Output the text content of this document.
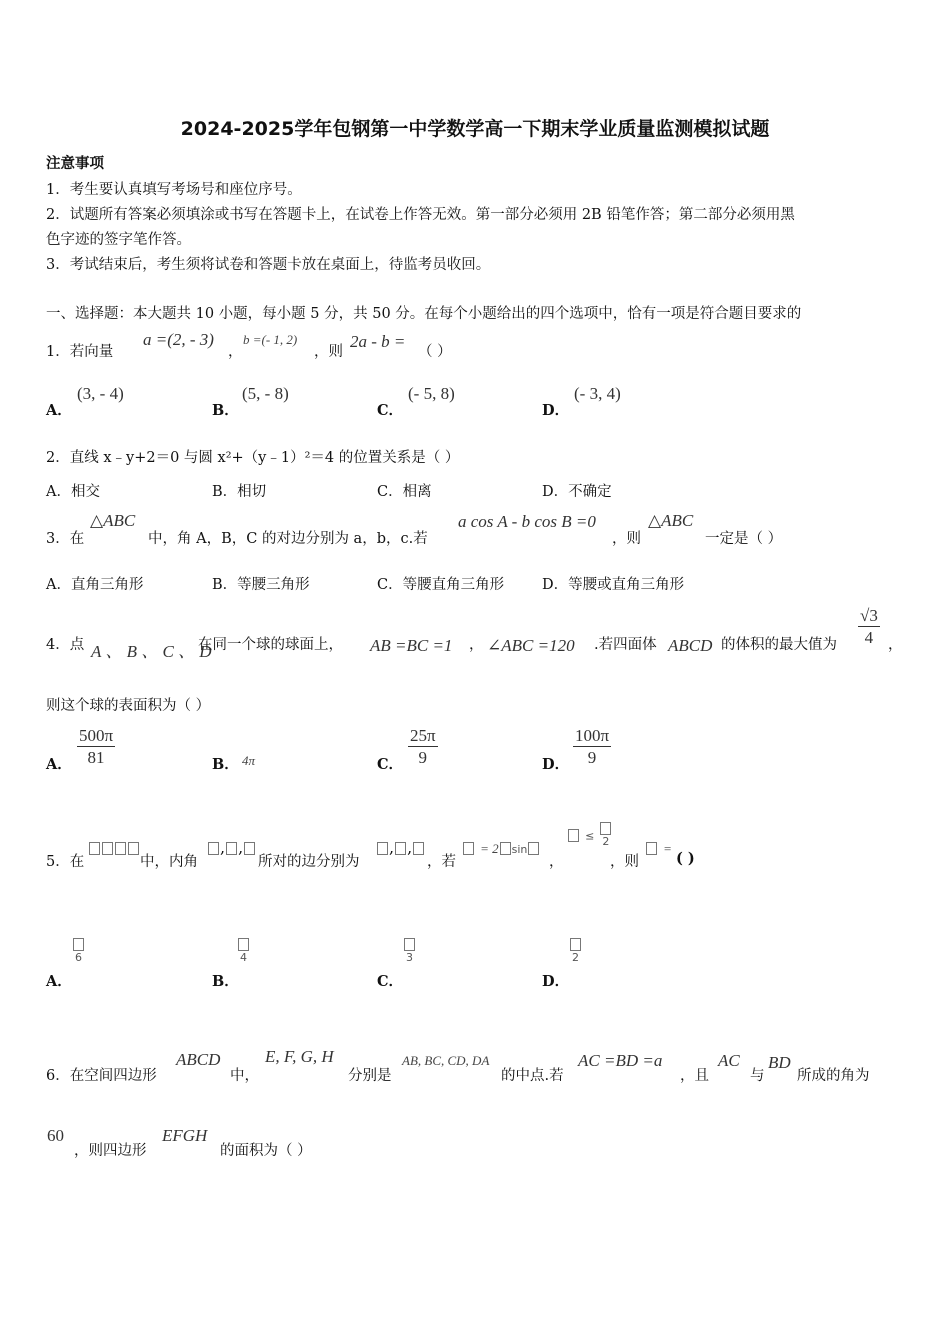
2024-2025学年包钢第一中学数学高一下期末学业质量监测模拟试题
注意事项
1．考生要认真填写考场号和座位序号。
2．试题所有答案必须填涂或书写在答题卡上，在试卷上作答无效。第一部分必须用 2B 铅笔作答；第二部分必须用黑
色字迹的签字笔作答。
3．考试结束后，考生须将试卷和答题卡放在桌面上，待监考员收回。
一、选择题：本大题共 10 小题，每小题 5 分，共 50 分。在每个小题给出的四个选项中，恰有一项是符合题目要求的
1．若向量
a =(2, - 3)
，
b =(- 1, 2)
，则
2a - b =
（ ）
A．
(3, - 4)
B．
(5, - 8)
C．
(- 5, 8)
D．
(- 3, 4)
2．直线 x﹣y+2＝0 与圆 x²+（y﹣1）²＝4 的位置关系是（ ）
A．相交	B．相切	C．相离	D．不确定
3．在
△ABC
中，角 A，B，C 的对边分别为 a，b，c.若
a cos A - b cos B =0
，则
△ABC
一定是（ ）
A．直角三角形	B．等腰三角形	C．等腰直角三角形	D．等腰或直角三角形
4．点 A 、 B 、 C 、 D
在同一个球的球面上， AB =BC =1 ， ∠ABC =120 .若四面体 ABCD 的体积的最大值为 $\frac{√3}{4}$ ，
则这个球的表面积为（ ）
A． $\frac{500\pi}{81}$	B． 4π	C． $\frac{25\pi}{9}$	D． $\frac{100\pi}{9}$
5．在	中，内角
, ,
所对的边分别为
, ,
，若
= 2 sin
，
≤ 2
，则
=
( )
A．
6
B．
4
C．
3
D．
2
6．在空间四边形
ABCD
中，
E, F, G, H
分别是
AB, BC, CD, DA
的中点.若
AC =BD =a
，且
AC
与
BD
所成的角为
60
，则四边形
EFGH
的面积为（ ）
